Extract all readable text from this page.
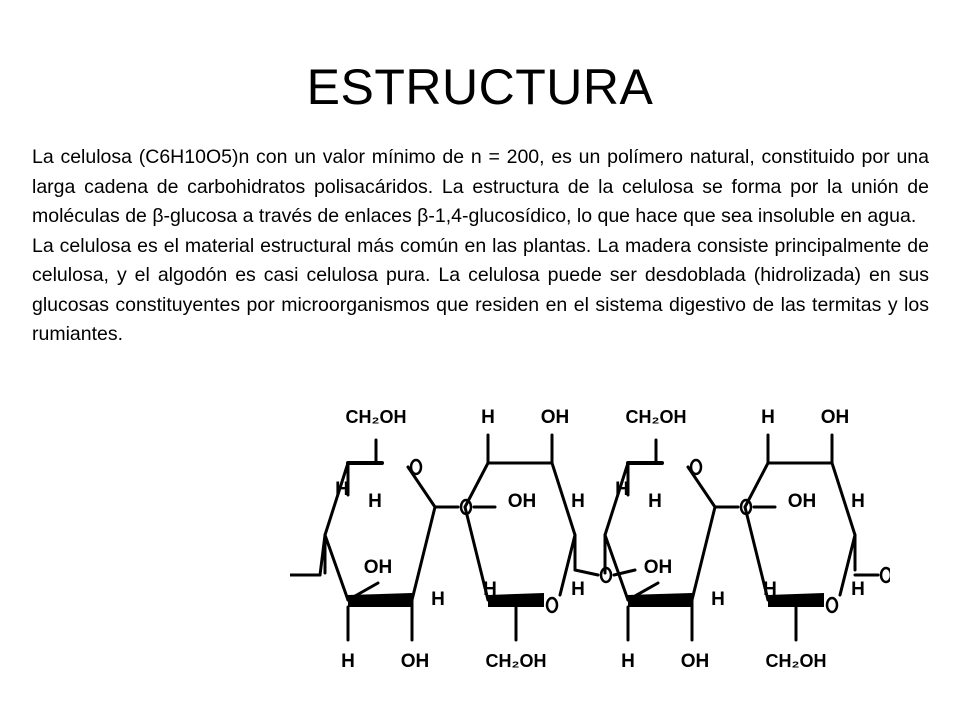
ESTRUCTURA

La celulosa (C6H10O5)n con un valor mínimo de n = 200, es un polímero natural, constituido por una larga cadena de carbohidratos polisacáridos. La estructura de la celulosa se forma por la unión de moléculas de β-glucosa a través de enlaces β-1,4-glucosídico, lo que hace que sea insoluble en agua.

La celulosa es el material estructural más común en las plantas. La madera consiste principalmente de celulosa, y el algodón es casi celulosa pura. La celulosa puede ser desdoblada (hidrolizada) en sus glucosas constituyentes por microorganismos que residen en el sistema digestivo de las termitas y los rumiantes.

CH₂OH
H
H
OH
H
H OH
H OH
OH H
H
H
CH₂OH
CH₂OH
H
H
OH
H
H OH
H OH
OH H
H
H
CH₂OH
